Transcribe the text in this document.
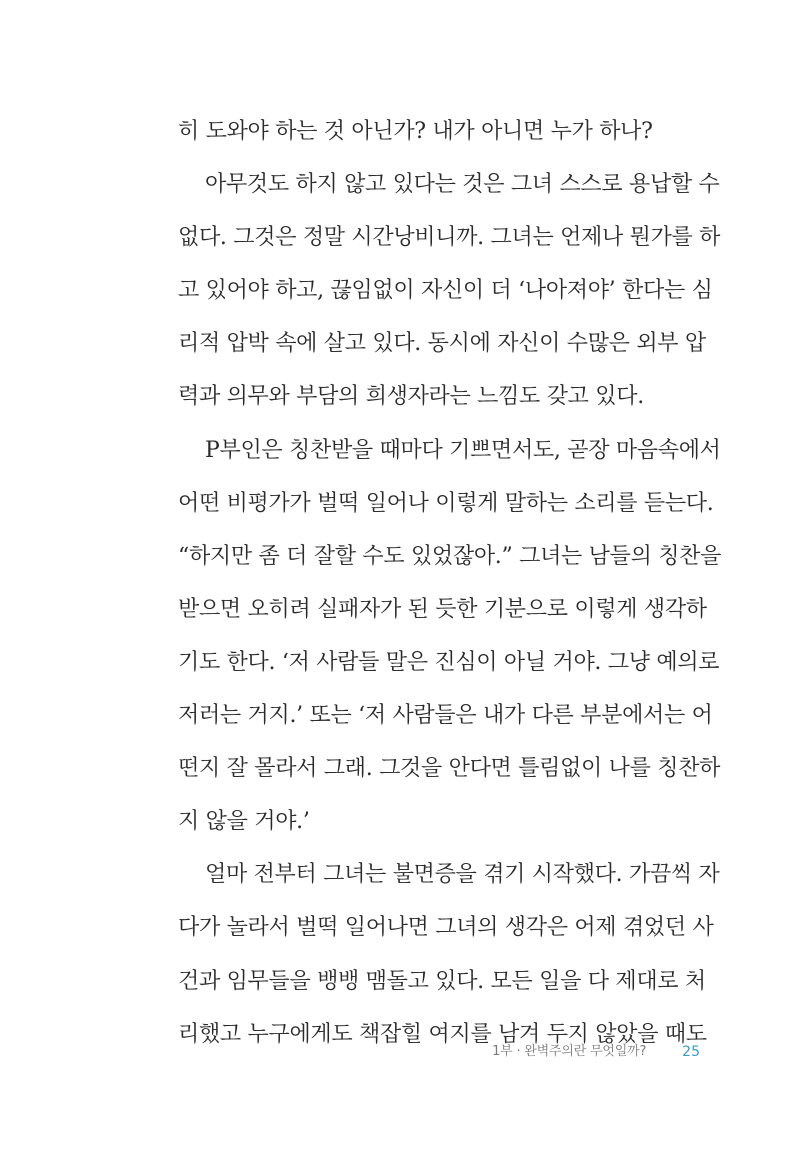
히 도와야 하는 것 아닌가? 내가 아니면 누가 하나?
아무것도 하지 않고 있다는 것은 그녀 스스로 용납할 수
없다. 그것은 정말 시간낭비니까. 그녀는 언제나 뭔가를 하
고 있어야 하고, 끊임없이 자신이 더 ‘나아져야’ 한다는 심
리적 압박 속에 살고 있다. 동시에 자신이 수많은 외부 압
력과 의무와 부담의 희생자라는 느낌도 갖고 있다.
P부인은 칭찬받을 때마다 기쁘면서도, 곧장 마음속에서
어떤 비평가가 벌떡 일어나 이렇게 말하는 소리를 듣는다.
“하지만 좀 더 잘할 수도 있었잖아.” 그녀는 남들의 칭찬을
받으면 오히려 실패자가 된 듯한 기분으로 이렇게 생각하
기도 한다. ‘저 사람들 말은 진심이 아닐 거야. 그냥 예의로
저러는 거지.’ 또는 ‘저 사람들은 내가 다른 부분에서는 어
떤지 잘 몰라서 그래. 그것을 안다면 틀림없이 나를 칭찬하
지 않을 거야.’
얼마 전부터 그녀는 불면증을 겪기 시작했다. 가끔씩 자
다가 놀라서 벌떡 일어나면 그녀의 생각은 어제 겪었던 사
건과 임무들을 뱅뱅 맴돌고 있다. 모든 일을 다 제대로 처
리했고 누구에게도 책잡힐 여지를 남겨 두지 않았을 때도
1부 · 완벽주의란 무엇일까?	25
